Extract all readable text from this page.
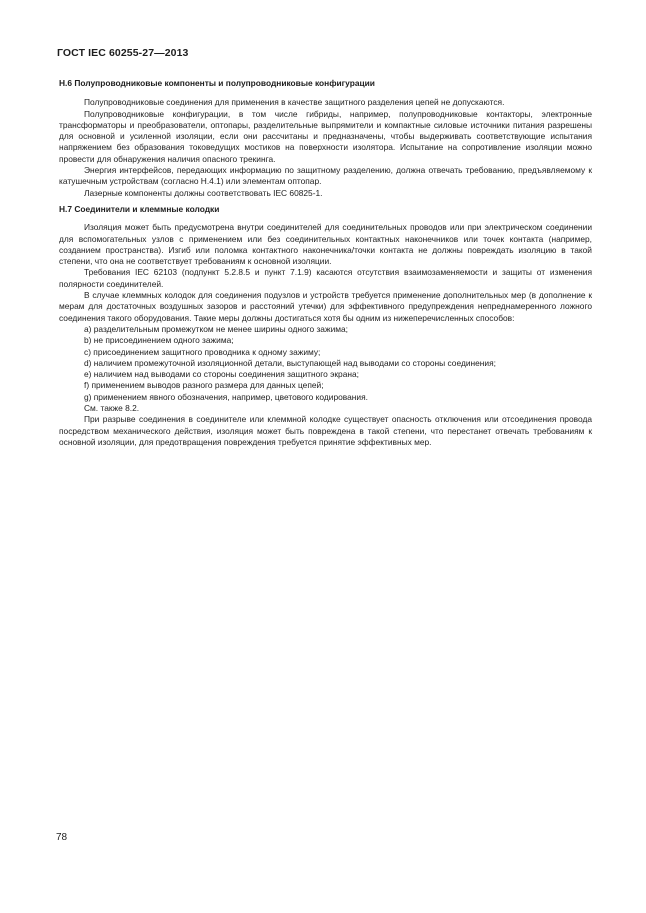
ГОСТ IEC 60255-27—2013

Н.6 Полупроводниковые компоненты и полупроводниковые конфигурации

Полупроводниковые соединения для применения в качестве защитного разделения цепей не допускаются.

Полупроводниковые конфигурации, в том числе гибриды, например, полупроводниковые контакторы, электронные трансформаторы и преобразователи, оптопары, разделительные выпрямители и компактные силовые источники питания разрешены для основной и усиленной изоляции, если они рассчитаны и предназначены, чтобы выдерживать соответствующие испытания напряжением без образования токоведущих мостиков на поверхности изолятора. Испытание на сопротивление изоляции можно провести для обнаружения наличия опасного трекинга.

Энергия интерфейсов, передающих информацию по защитному разделению, должна отвечать требованию, предъявляемому к катушечным устройствам (согласно Н.4.1) или элементам оптопар.

Лазерные компоненты должны соответствовать IEC 60825-1.

Н.7 Соединители и клеммные колодки

Изоляция может быть предусмотрена внутри соединителей для соединительных проводов или при электрическом соединении для вспомогательных узлов с применением или без соединительных контактных наконечников или точек контакта (например, созданием пространства). Изгиб или поломка контактного наконечника/точки контакта не должны повреждать изоляцию в такой степени, что она не соответствует требованиям к основной изоляции.

Требования IEC 62103 (подпункт 5.2.8.5 и пункт 7.1.9) касаются отсутствия взаимозаменяемости и защиты от изменения полярности соединителей.

В случае клеммных колодок для соединения подузлов и устройств требуется применение дополнительных мер (в дополнение к мерам для достаточных воздушных зазоров и расстояний утечки) для эффективного предупреждения непреднамеренного ложного соединения такого оборудования. Такие меры должны достигаться хотя бы одним из нижеперечисленных способов:

a) разделительным промежутком не менее ширины одного зажима;

b) не присоединением одного зажима;

c) присоединением защитного проводника к одному зажиму;

d) наличием промежуточной изоляционной детали, выступающей над выводами со стороны соединения;

e) наличием над выводами со стороны соединения защитного экрана;

f) применением выводов разного размера для данных цепей;

g) применением явного обозначения, например, цветового кодирования.

См. также 8.2.

При разрыве соединения в соединителе или клеммной колодке существует опасность отключения или отсоединения провода посредством механического действия, изоляция может быть повреждена в такой степени, что перестанет отвечать требованиям к основной изоляции, для предотвращения повреждения требуется принятие эффективных мер.

78
